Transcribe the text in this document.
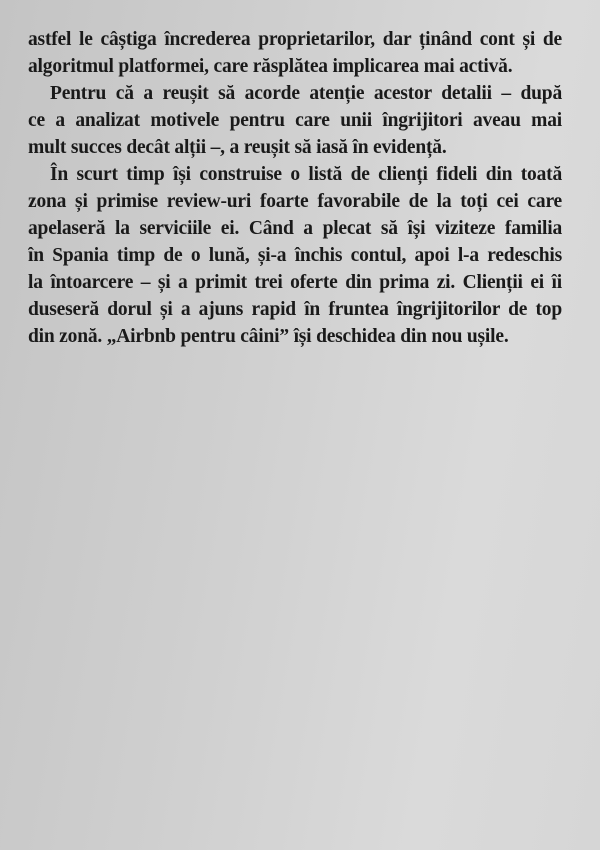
astfel le câștiga încrederea proprietarilor, dar ținând cont și de
algoritmul platformei, care răsplătea implicarea mai activă.
Pentru că a reușit să acorde atenție acestor detalii – după
ce a analizat motivele pentru care unii îngrijitori aveau mai
mult succes decât alții –, a reușit să iasă în evidență.
În scurt timp își construise o listă de clienți fideli din toată
zona și primise review-uri foarte favorabile de la toți cei care
apelaseră la serviciile ei. Când a plecat să își viziteze familia
în Spania timp de o lună, și-a închis contul, apoi l-a redeschis
la întoarcere – și a primit trei oferte din prima zi. Clienții ei îi
duseseră dorul și a ajuns rapid în fruntea îngrijitorilor de top
din zonă. „Airbnb pentru câini” își deschidea din nou ușile.
